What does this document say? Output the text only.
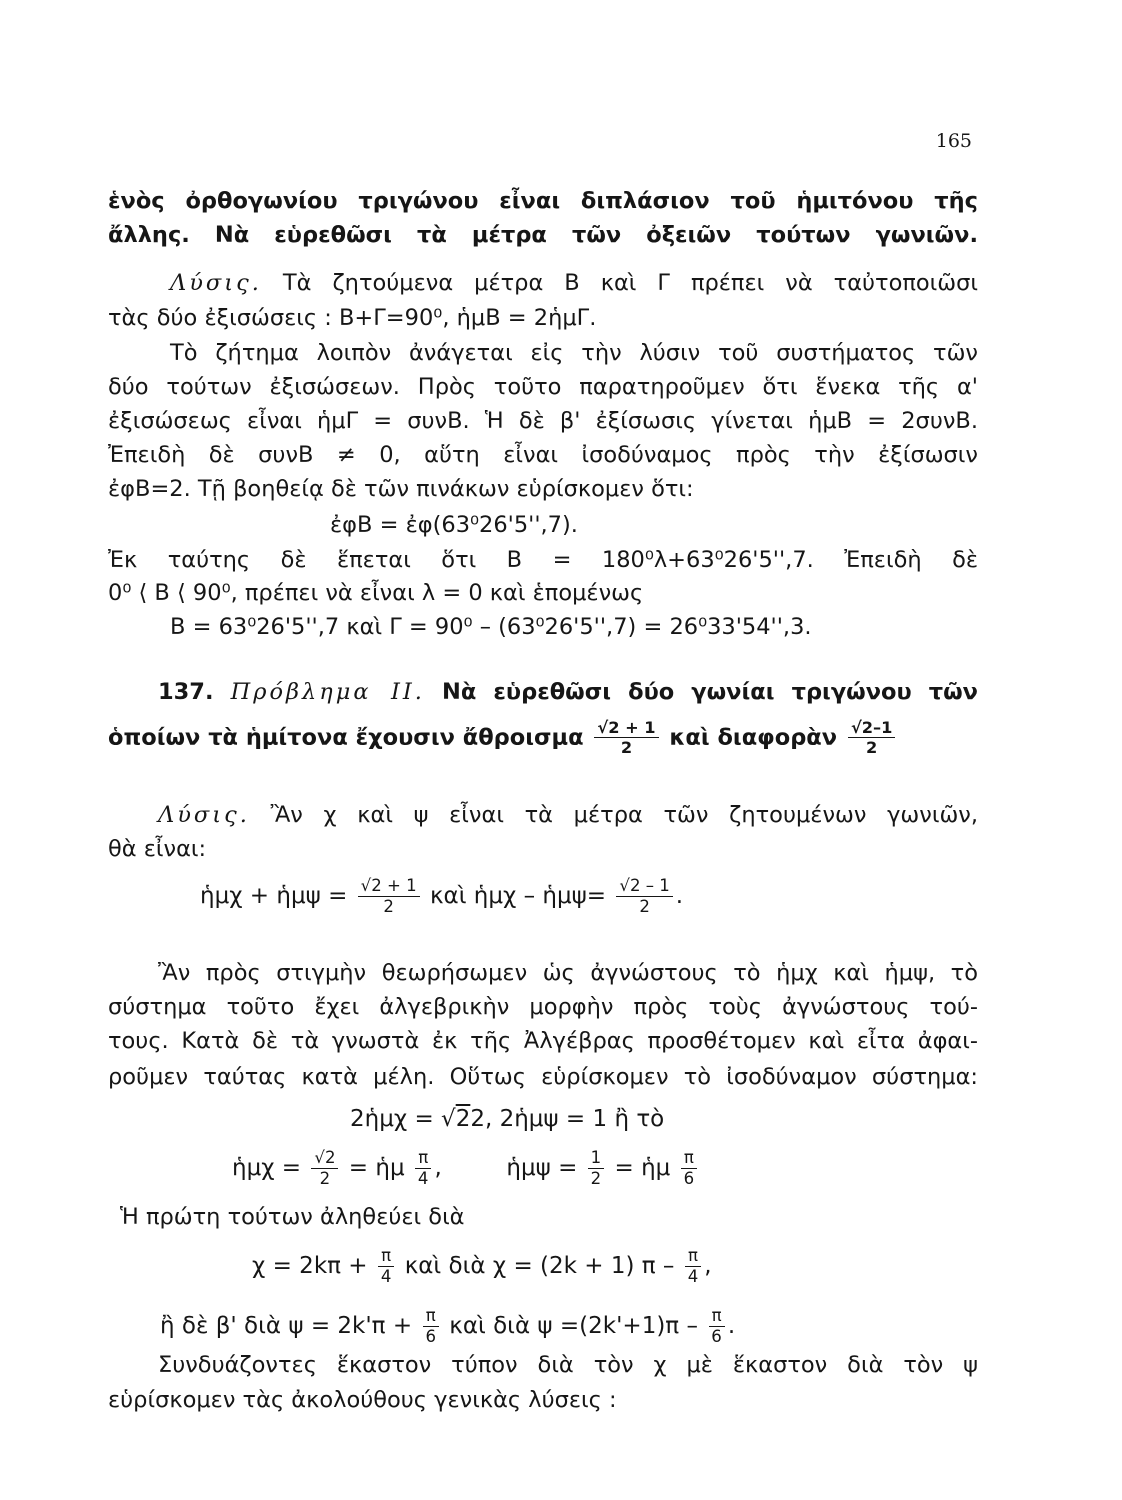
165
ἑνὸς ὀρθογωνίου τριγώνου εἶναι διπλάσιον τοῦ ἡμιτόνου τῆς
ἄλλης. Νὰ εὑρεθῶσι τὰ μέτρα τῶν ὀξειῶν τούτων γωνιῶν.
Λύσις. Τὰ ζητούμενα μέτρα Β καὶ Γ πρέπει νὰ ταὐτοποιῶσι
τὰς δύο ἐξισώσεις : Β+Γ=90⁰, ἡμΒ = 2ἡμΓ.
Τὸ ζήτημα λοιπὸν ἀνάγεται εἰς τὴν λύσιν τοῦ συστήματος τῶν
δύο τούτων ἐξισώσεων. Πρὸς τοῦτο παρατηροῦμεν ὅτι ἕνεκα τῆς α'
ἐξισώσεως εἶναι ἡμΓ = συνΒ. Ἡ δὲ β' ἐξίσωσις γίνεται ἡμΒ = 2συνΒ.
Ἐπειδὴ δὲ συνΒ ≠ 0, αὕτη εἶναι ἰσοδύναμος πρὸς τὴν ἐξίσωσιν
ἐφΒ=2. Τῇ βοηθείᾳ δὲ τῶν πινάκων εὑρίσκομεν ὅτι:
ἐφΒ = ἐφ(63⁰26'5'',7).
Ἐκ ταύτης δὲ ἕπεται ὅτι Β = 180⁰λ+63⁰26'5'',7. Ἐπειδὴ δὲ
0⁰ ⟨ Β ⟨ 90⁰, πρέπει νὰ εἶναι λ = 0 καὶ ἑπομένως
Β = 63⁰26'5'',7 καὶ Γ = 90⁰ – (63⁰26'5'',7) = 26⁰33'54'',3.
137. Πρόβλημα ΙΙ. Νὰ εὑρεθῶσι δύο γωνίαι τριγώνου τῶν
ὁποίων τὰ ἡμίτονα ἔχουσιν ἄθροισμα $\frac{√2 + 1}{2}$ καὶ διαφορὰν $\frac{√2-1}{2}$
Λύσις. Ἂν χ καὶ ψ εἶναι τὰ μέτρα τῶν ζητουμένων γωνιῶν,
θὰ εἶναι:
ἡμχ + ἡμψ = $\frac{√2 + 1}{2}$ καὶ ἡμχ – ἡμψ= $\frac{√2 - 1}{2}$ .
Ἂν πρὸς στιγμὴν θεωρήσωμεν ὡς ἀγνώστους τὸ ἡμχ καὶ ἡμψ, τὸ
σύστημα τοῦτο ἔχει ἀλγεβρικὴν μορφὴν πρὸς τοὺς ἀγνώστους τού-
τους. Κατὰ δὲ τὰ γνωστὰ ἐκ τῆς Ἀλγέβρας προσθέτομεν καὶ εἶτα ἀφαι-
ροῦμεν ταύτας κατὰ μέλη. Οὕτως εὑρίσκομεν τὸ ἰσοδύναμον σύστημα:
2ἡμχ = √22, 2ἡμψ = 1 ἢ τὸ
ἡμχ = $\frac{√2}{2}$ = ἡμ $\frac{\pi}{4}$ ,  ἡμψ = $\frac{1}{2}$ = ἡμ $\frac{\pi}{6}$
Ἡ πρώτη τούτων ἀληθεύει διὰ
$\chi = 2k\pi + \frac{\pi}{4}$ καὶ διὰ χ = (2k + 1) π – $\frac{\pi}{4}$ ,
ἢ δὲ β' διὰ $\psi = 2k'\pi + \frac{\pi}{6}$ καὶ διὰ $\psi =(2k'+1)\pi - \frac{\pi}{6}$ .
Συνδυάζοντες ἕκαστον τύπον διὰ τὸν χ μὲ ἕκαστον διὰ τὸν ψ
εὑρίσκομεν τὰς ἀκολούθους γενικὰς λύσεις :
